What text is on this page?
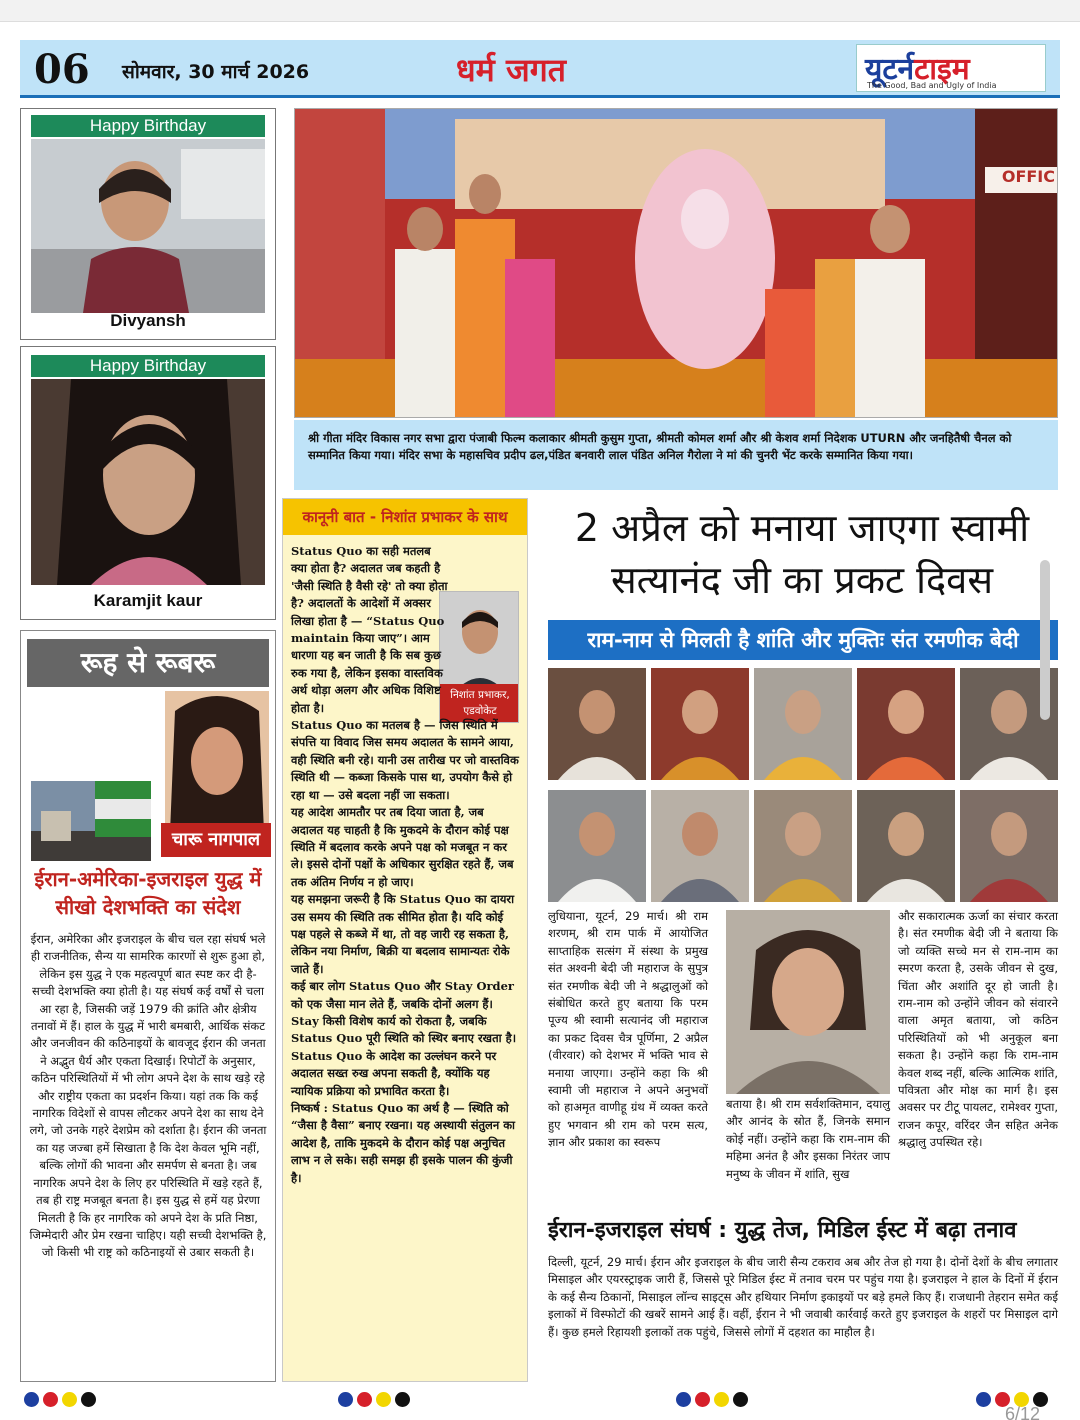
06 सोमवार, 30 मार्च 2026	धर्म जगत	यूटर्नटाइम
The Good, Bad and Ugly of India
Happy Birthday
Divyansh
Happy Birthday
Karamjit kaur
OFFIC
श्री गीता मंदिर विकास नगर सभा द्वारा पंजाबी फिल्म कलाकार श्रीमती कुसुम गुप्ता, श्रीमती कोमल शर्मा और श्री केशव शर्मा निदेशक UTURN और जनहितैषी चैनल को सम्मानित किया गया। मंदिर सभा के महासचिव प्रदीप ढल,पंडित बनवारी लाल पंडित अनिल गैरोला ने मां की चुनरी भेंट करके सम्मानित किया गया।
रूह से रूबरू
चारू नागपाल
ईरान-अमेरिका-इजराइल युद्ध में सीखो देशभक्ति का संदेश
ईरान, अमेरिका और इजराइल के बीच चल रहा संघर्ष भले ही राजनीतिक, सैन्य या सामरिक कारणों से शुरू हुआ हो, लेकिन इस युद्ध ने एक महत्वपूर्ण बात स्पष्ट कर दी है- सच्ची देशभक्ति क्या होती है। यह संघर्ष कई वर्षों से चला आ रहा है, जिसकी जड़ें 1979 की क्रांति और क्षेत्रीय तनावों में हैं। हाल के युद्ध में भारी बमबारी, आर्थिक संकट और जनजीवन की कठिनाइयों के बावजूद ईरान की जनता ने अद्भुत धैर्य और एकता दिखाई। रिपोर्टों के अनुसार, कठिन परिस्थितियों में भी लोग अपने देश के साथ खड़े रहे और राष्ट्रीय एकता का प्रदर्शन किया। यहां तक कि कई नागरिक विदेशों से वापस लौटकर अपने देश का साथ देने लगे, जो उनके गहरे देशप्रेम को दर्शाता है। ईरान की जनता का यह जज्बा हमें सिखाता है कि देश केवल भूमि नहीं, बल्कि लोगों की भावना और समर्पण से बनता है। जब नागरिक अपने देश के लिए हर परिस्थिति में खड़े रहते हैं, तब ही राष्ट्र मजबूत बनता है। इस युद्ध से हमें यह प्रेरणा मिलती है कि हर नागरिक को अपने देश के प्रति निष्ठा, जिम्मेदारी और प्रेम रखना चाहिए। यही सच्ची देशभक्ति है, जो किसी भी राष्ट्र को कठिनाइयों से उबार सकती है।
कानूनी बात - निशांत प्रभाकर के साथ
निशांत प्रभाकर,
एडवोकेट

Status Quo का सही मतलब क्या होता है? अदालत जब कहती है 'जैसी स्थिति है वैसी रहे' तो क्या होता है? अदालतों के आदेशों में अक्सर लिखा होता है — “Status Quo maintain किया जाए”। आम धारणा यह बन जाती है कि सब कुछ रुक गया है, लेकिन इसका वास्तविक अर्थ थोड़ा अलग और अधिक विशिष्ट होता है।

Status Quo का मतलब है — जिस स्थिति में संपत्ति या विवाद जिस समय अदालत के सामने आया, वही स्थिति बनी रहे। यानी उस तारीख पर जो वास्तविक स्थिति थी — कब्जा किसके पास था, उपयोग कैसे हो रहा था — उसे बदला नहीं जा सकता।

यह आदेश आमतौर पर तब दिया जाता है, जब अदालत यह चाहती है कि मुकदमे के दौरान कोई पक्ष स्थिति में बदलाव करके अपने पक्ष को मजबूत न कर ले। इससे दोनों पक्षों के अधिकार सुरक्षित रहते हैं, जब तक अंतिम निर्णय न हो जाए।

यह समझना जरूरी है कि Status Quo का दायरा उस समय की स्थिति तक सीमित होता है। यदि कोई पक्ष पहले से कब्जे में था, तो वह जारी रह सकता है, लेकिन नया निर्माण, बिक्री या बदलाव सामान्यतः रोके जाते हैं।

कई बार लोग Status Quo और Stay Order को एक जैसा मान लेते हैं, जबकि दोनों अलग हैं। Stay किसी विशेष कार्य को रोकता है, जबकि Status Quo पूरी स्थिति को स्थिर बनाए रखता है।

Status Quo के आदेश का उल्लंघन करने पर अदालत सख्त रुख अपना सकती है, क्योंकि यह न्यायिक प्रक्रिया को प्रभावित करता है।

निष्कर्ष : Status Quo का अर्थ है — स्थिति को “जैसा है वैसा” बनाए रखना। यह अस्थायी संतुलन का आदेश है, ताकि मुकदमे के दौरान कोई पक्ष अनुचित लाभ न ले सके। सही समझ ही इसके पालन की कुंजी है।

2 अप्रैल को मनाया जाएगा स्वामी सत्यानंद जी का प्रकट दिवस
राम-नाम से मिलती है शांति और मुक्तिः संत रमणीक बेदी
लुधियाना, यूटर्न, 29 मार्च। श्री राम शरणम्, श्री राम पार्क में आयोजित साप्ताहिक सत्संग में संस्था के प्रमुख संत अश्वनी बेदी जी महाराज के सुपुत्र संत रमणीक बेदी जी ने श्रद्धालुओं को संबोधित करते हुए बताया कि परम पूज्य श्री स्वामी सत्यानंद जी महाराज का प्रकट दिवस चैत्र पूर्णिमा, 2 अप्रैल (वीरवार) को देशभर में भक्ति भाव से मनाया जाएगा। उन्होंने कहा कि श्री स्वामी जी महाराज ने अपने अनुभवों को हाअमृत वाणीहू ग्रंथ में व्यक्त करते हुए भगवान श्री राम को परम सत्य, ज्ञान और प्रकाश का स्वरूप
बताया है। श्री राम सर्वशक्तिमान, दयालु और आनंद के स्रोत हैं, जिनके समान कोई नहीं। उन्होंने कहा कि राम-नाम की महिमा अनंत है और इसका निरंतर जाप मनुष्य के जीवन में शांति, सुख
और सकारात्मक ऊर्जा का संचार करता है। संत रमणीक बेदी जी ने बताया कि जो व्यक्ति सच्चे मन से राम-नाम का स्मरण करता है, उसके जीवन से दुख, चिंता और अशांति दूर हो जाती है। राम-नाम को उन्होंने जीवन को संवारने वाला अमृत बताया, जो कठिन परिस्थितियों को भी अनुकूल बना सकता है। उन्होंने कहा कि राम-नाम केवल शब्द नहीं, बल्कि आत्मिक शांति, पवित्रता और मोक्ष का मार्ग है। इस अवसर पर टीटू पायलट, रामेश्वर गुप्ता, राजन कपूर, वरिंदर जैन सहित अनेक श्रद्धालु उपस्थित रहे।
ईरान-इजराइल संघर्ष : युद्ध तेज, मिडिल ईस्ट में बढ़ा तनाव
दिल्ली, यूटर्न, 29 मार्च। ईरान और इजराइल के बीच जारी सैन्य टकराव अब और तेज हो गया है। दोनों देशों के बीच लगातार मिसाइल और एयरस्ट्राइक जारी हैं, जिससे पूरे मिडिल ईस्ट में तनाव चरम पर पहुंच गया है। इजराइल ने हाल के दिनों में ईरान के कई सैन्य ठिकानों, मिसाइल लॉन्च साइट्स और हथियार निर्माण इकाइयों पर बड़े हमले किए हैं। राजधानी तेहरान समेत कई इलाकों में विस्फोटों की खबरें सामने आई हैं। वहीं, ईरान ने भी जवाबी कार्रवाई करते हुए इजराइल के शहरों पर मिसाइल दागे हैं। कुछ हमले रिहायशी इलाकों तक पहुंचे, जिससे लोगों में दहशत का माहौल है।
6/12
